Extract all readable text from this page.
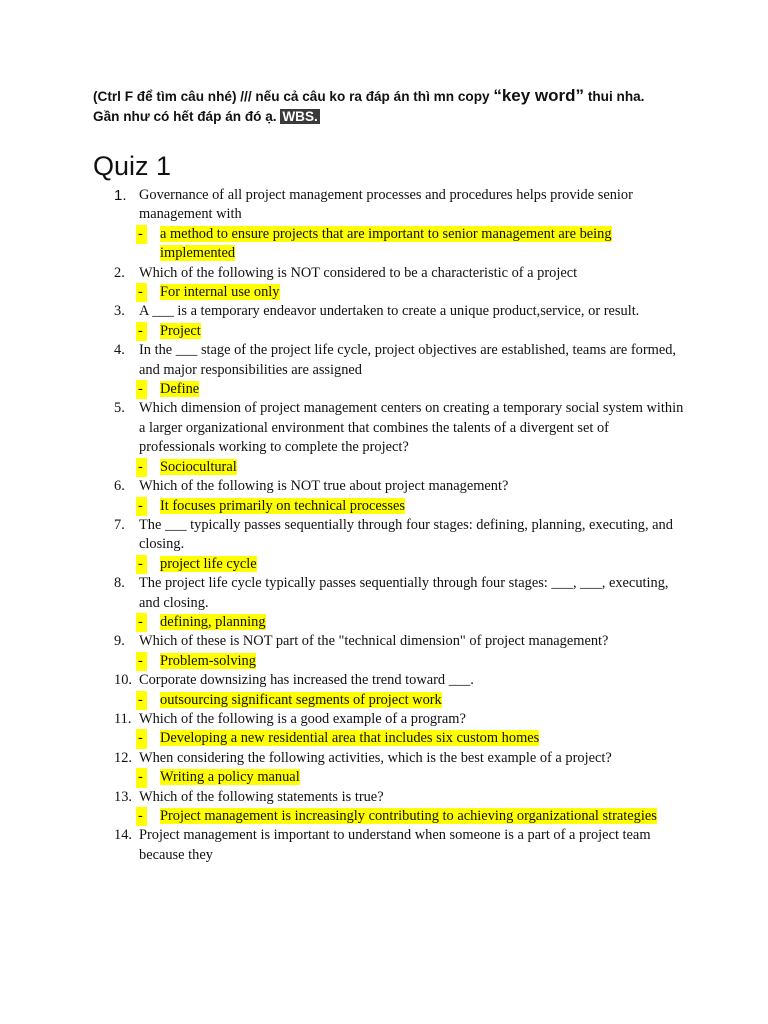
(Ctrl F để tìm câu nhé) /// nếu cả câu ko ra đáp án thì mn copy “key word” thui nha.
Gần như có hết đáp án đó ạ. WBS.
Quiz 1
1. Governance of all project management processes and procedures helps provide senior management with
- a method to ensure projects that are important to senior management are being implemented
2. Which of the following is NOT considered to be a characteristic of a project
- For internal use only
3. A ___ is a temporary endeavor undertaken to create a unique product,service, or result.
- Project
4. In the ___ stage of the project life cycle, project objectives are established, teams are formed, and major responsibilities are assigned
- Define
5. Which dimension of project management centers on creating a temporary social system within a larger organizational environment that combines the talents of a divergent set of professionals working to complete the project?
- Sociocultural
6. Which of the following is NOT true about project management?
- It focuses primarily on technical processes
7. The ___ typically passes sequentially through four stages: defining, planning, executing, and closing.
- project life cycle
8. The project life cycle typically passes sequentially through four stages: ___, ___, executing, and closing.
- defining, planning
9. Which of these is NOT part of the "technical dimension" of project management?
- Problem-solving
10. Corporate downsizing has increased the trend toward ___.
- outsourcing significant segments of project work
11. Which of the following is a good example of a program?
- Developing a new residential area that includes six custom homes
12. When considering the following activities, which is the best example of a project?
- Writing a policy manual
13. Which of the following statements is true?
- Project management is increasingly contributing to achieving organizational strategies
14. Project management is important to understand when someone is a part of a project team because they
